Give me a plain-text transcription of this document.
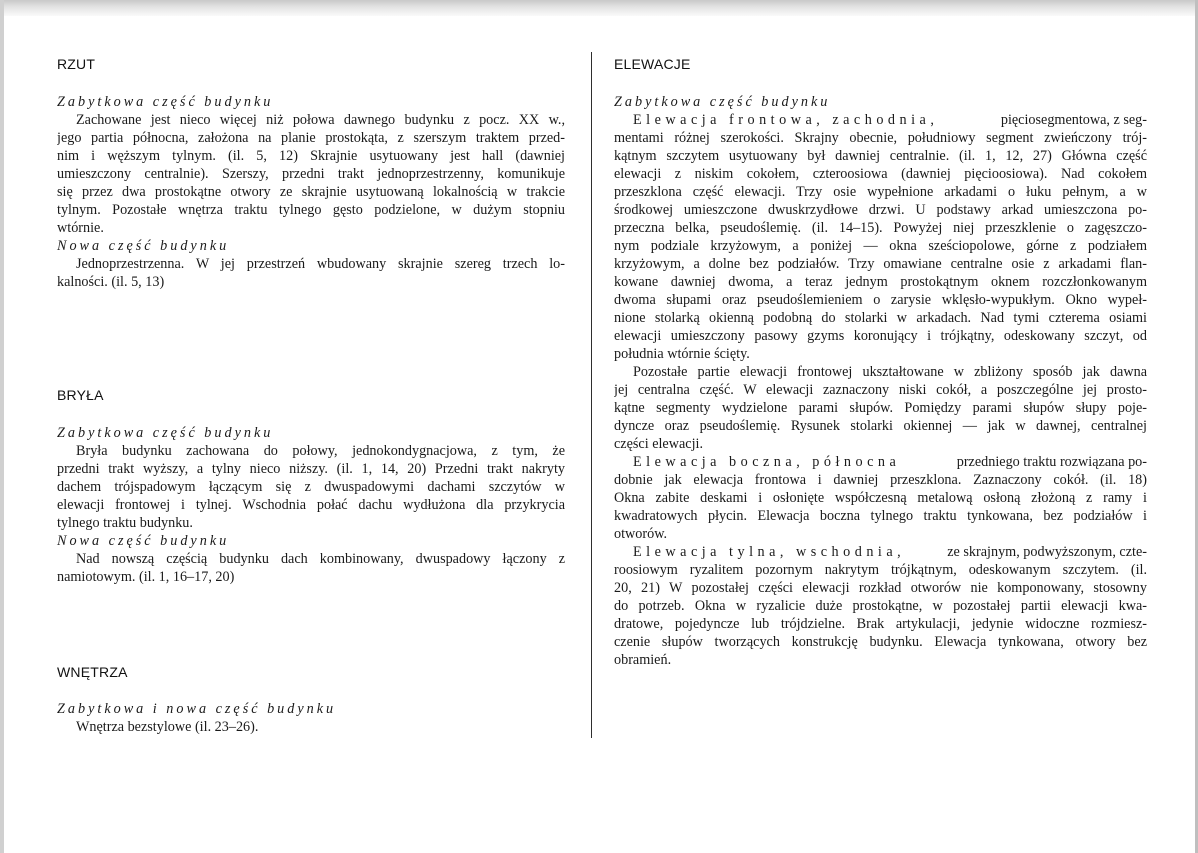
RZUT
Zabytkowa część budynku
Zachowane jest nieco więcej niż połowa dawnego budynku z pocz. XX w.,
jego partia północna, założona na planie prostokąta, z szerszym traktem przed-
nim i węższym tylnym. (il. 5, 12) Skrajnie usytuowany jest hall (dawniej
umieszczony centralnie). Szerszy, przedni trakt jednoprzestrzenny, komunikuje
się przez dwa prostokątne otwory ze skrajnie usytuowaną lokalnością w trakcie
tylnym. Pozostałe wnętrza traktu tylnego gęsto podzielone, w dużym stopniu
wtórnie.
Nowa część budynku
Jednoprzestrzenna. W jej przestrzeń wbudowany skrajnie szereg trzech lo-
kalności. (il. 5, 13)
BRYŁA
Zabytkowa część budynku
Bryła budynku zachowana do połowy, jednokondygnacjowa, z tym, że
przedni trakt wyższy, a tylny nieco niższy. (il. 1, 14, 20) Przedni trakt nakryty
dachem trójspadowym łączącym się z dwuspadowymi dachami szczytów w
elewacji frontowej i tylnej. Wschodnia połać dachu wydłużona dla przykrycia
tylnego traktu budynku.
Nowa część budynku
Nad nowszą częścią budynku dach kombinowany, dwuspadowy łączony z
namiotowym. (il. 1, 16–17, 20)
WNĘTRZA
Zabytkowa i nowa część budynku
Wnętrza bezstylowe (il. 23–26).
ELEWACJE
Zabytkowa część budynku
Elewacja frontowa, zachodnia,	pięciosegmentowa, z seg-
mentami różnej szerokości. Skrajny obecnie, południowy segment zwieńczony trój-
kątnym szczytem usytuowany był dawniej centralnie. (il. 1, 12, 27) Główna część
elewacji z niskim cokołem, czteroosiowa (dawniej pięcioosiowa). Nad cokołem
przeszklona część elewacji. Trzy osie wypełnione arkadami o łuku pełnym, a w
środkowej umieszczone dwuskrzydłowe drzwi. U podstawy arkad umieszczona po-
przeczna belka, pseudoślemię. (il. 14–15). Powyżej niej przeszklenie o zagęszczo-
nym podziale krzyżowym, a poniżej — okna sześciopolowe, górne z podziałem
krzyżowym, a dolne bez podziałów. Trzy omawiane centralne osie z arkadami flan-
kowane dawniej dwoma, a teraz jednym prostokątnym oknem rozczłonkowanym
dwoma słupami oraz pseudoślemieniem o zarysie wklęsło-wypukłym. Okno wypeł-
nione stolarką okienną podobną do stolarki w arkadach. Nad tymi czterema osiami
elewacji umieszczony pasowy gzyms koronujący i trójkątny, odeskowany szczyt, od
południa wtórnie ścięty.
Pozostałe partie elewacji frontowej ukształtowane w zbliżony sposób jak dawna
jej centralna część. W elewacji zaznaczony niski cokół, a poszczególne jej prosto-
kątne segmenty wydzielone parami słupów. Pomiędzy parami słupów słupy poje-
dyncze oraz pseudoślemię. Rysunek stolarki okiennej — jak w dawnej, centralnej
części elewacji.
Elewacja boczna, północna	przedniego traktu rozwiązana po-
dobnie jak elewacja frontowa i dawniej przeszklona. Zaznaczony cokół. (il. 18)
Okna zabite deskami i osłonięte współczesną metalową osłoną złożoną z ramy i
kwadratowych płycin. Elewacja boczna tylnego traktu tynkowana, bez podziałów i
otworów.
Elewacja tylna, wschodnia,	ze skrajnym, podwyższonym, czte-
roosiowym ryzalitem pozornym nakrytym trójkątnym, odeskowanym szczytem. (il.
20, 21) W pozostałej części elewacji rozkład otworów nie komponowany, stosowny
do potrzeb. Okna w ryzalicie duże prostokątne, w pozostałej partii elewacji kwa-
dratowe, pojedyncze lub trójdzielne. Brak artykulacji, jedynie widoczne rozmiesz-
czenie słupów tworzących konstrukcję budynku. Elewacja tynkowana, otwory bez
obramień.
